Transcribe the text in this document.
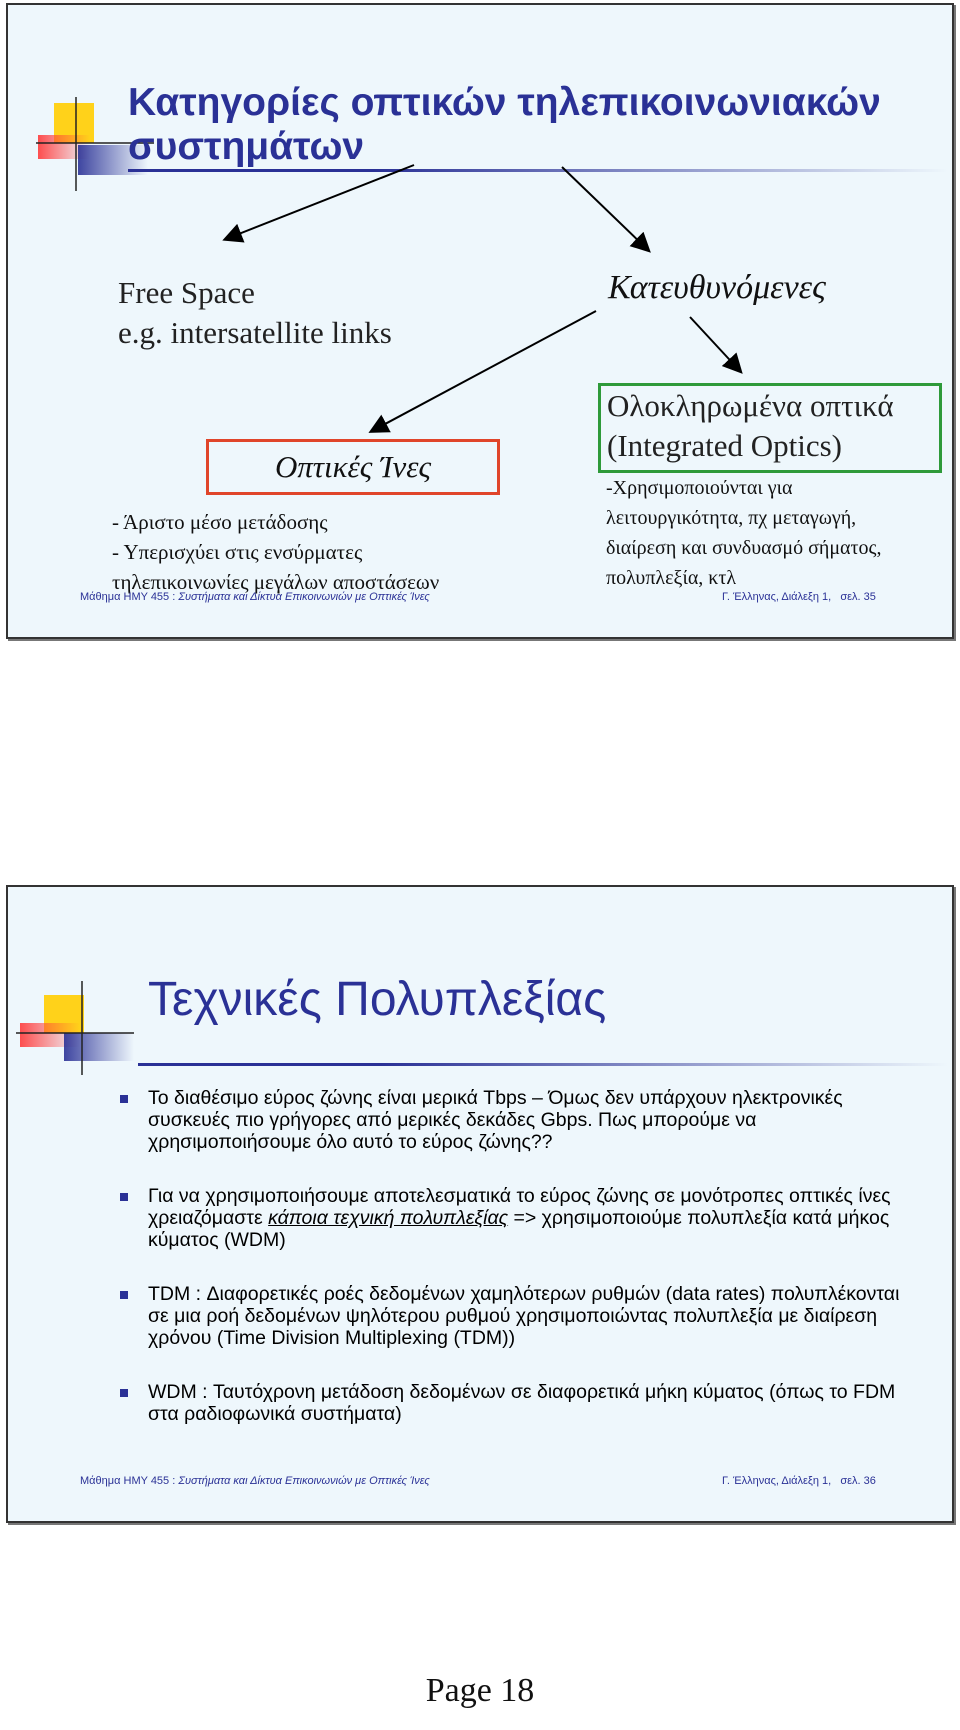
Κατηγορίες οπτικών τηλεπικοινωνιακών συστημάτων
Free Space
e.g. intersatellite links
Κατευθυνόμενες
Οπτικές Ίνες
- Άριστο μέσο μετάδοσης
- Υπερισχύει στις ενσύρματες
τηλεπικοινωνίες μεγάλων αποστάσεων
Ολοκληρωμένα οπτικά
(Integrated Optics)
-Χρησιμοποιούνται για
λειτουργικότητα, πχ μεταγωγή,
διαίρεση και συνδυασμό σήματος,
πολυπλεξία, κτλ
Μάθημα ΗΜΥ 455 : Συστήματα και Δίκτυα Επικοινωνιών με Οπτικές Ίνες	Γ. Έλληνας, Διάλεξη 1,   σελ. 35
Τεχνικές Πολυπλεξίας
Το διαθέσιμο εύρος ζώνης είναι μερικά Tbps – Όμως δεν υπάρχουν ηλεκτρονικές συσκευές πιο γρήγορες από μερικές δεκάδες Gbps. Πως μπορούμε να χρησιμοποιήσουμε όλο αυτό το εύρος ζώνης??
Για να χρησιμοποιήσουμε αποτελεσματικά το εύρος ζώνης σε μονότροπες οπτικές ίνες χρειαζόμαστε κάποια τεχνική πολυπλεξίας => χρησιμοποιούμε πολυπλεξία κατά μήκος κύματος (WDM)
TDM : Διαφορετικές ροές δεδομένων χαμηλότερων ρυθμών (data rates) πολυπλέκονται σε μια ροή δεδομένων ψηλότερου ρυθμού χρησιμοποιώντας πολυπλεξία με διαίρεση χρόνου (Time Division Multiplexing (TDM))
WDM : Ταυτόχρονη μετάδοση δεδομένων σε διαφορετικά μήκη κύματος (όπως το FDM στα ραδιοφωνικά συστήματα)
Μάθημα ΗΜΥ 455 : Συστήματα και Δίκτυα Επικοινωνιών με Οπτικές Ίνες	Γ. Έλληνας, Διάλεξη 1,   σελ. 36
Page 18
